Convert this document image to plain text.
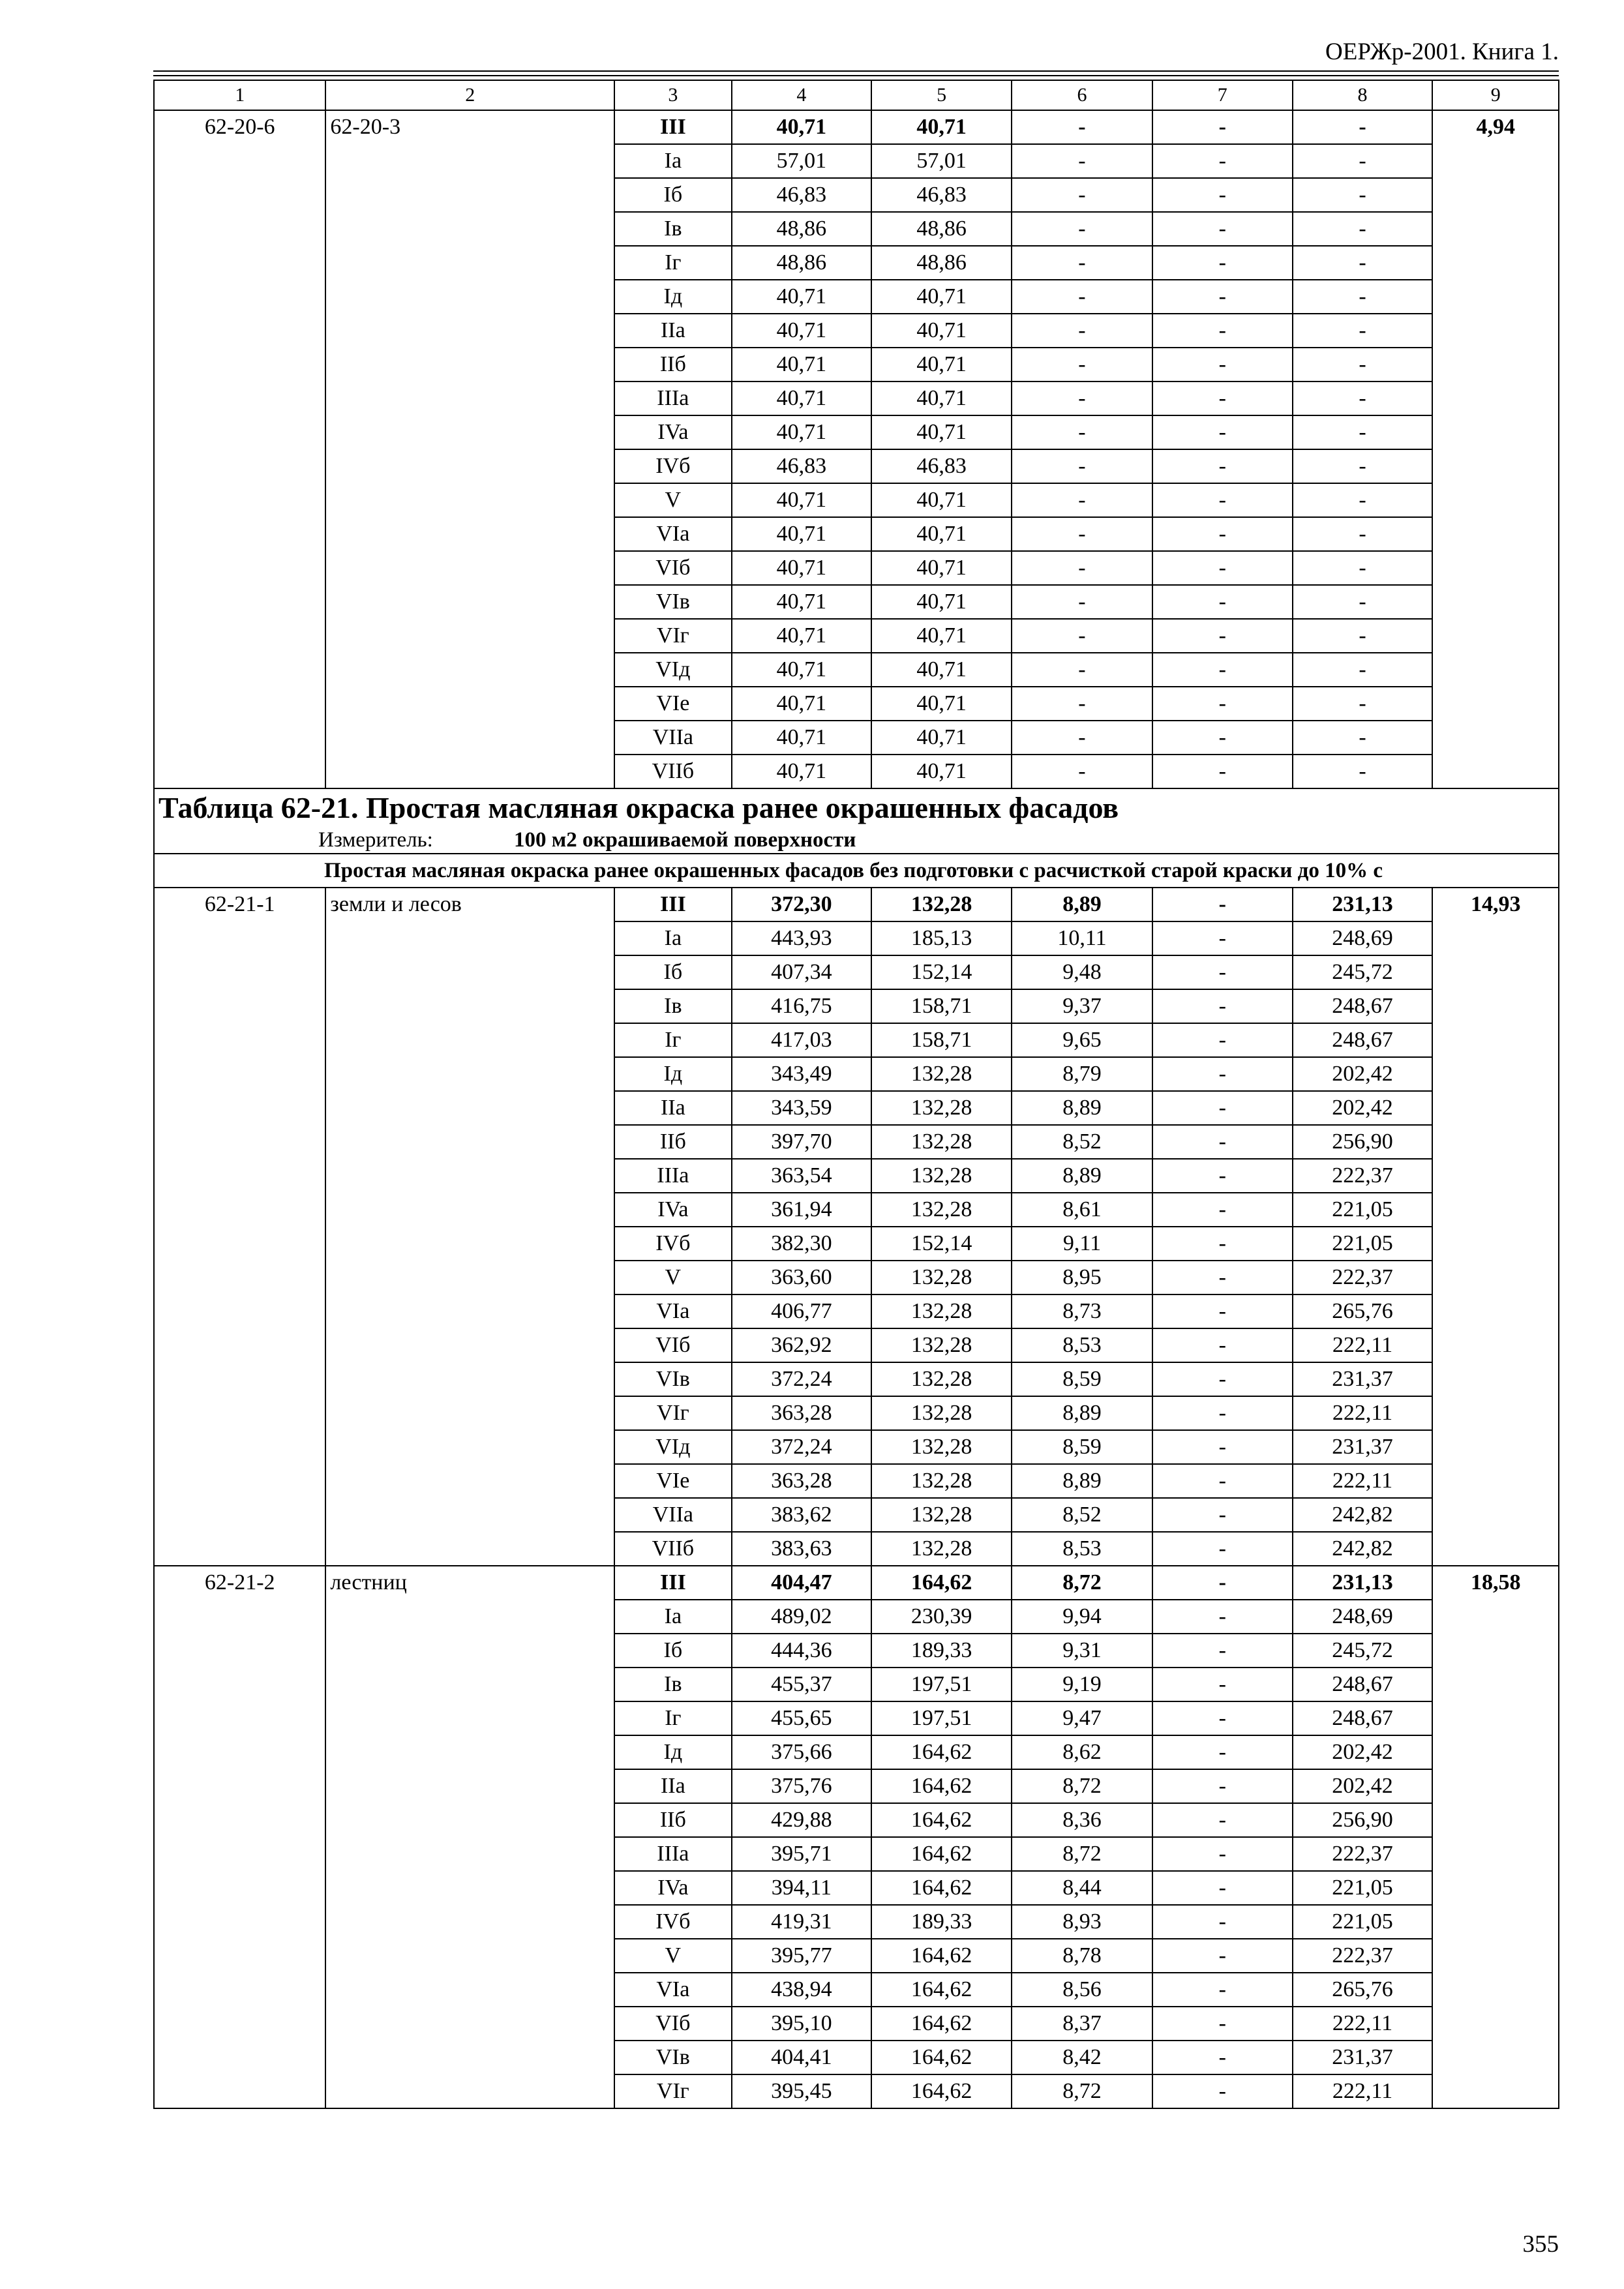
ОЕРЖр-2001. Книга 1.
1	2	3	4	5	6	7	8	9
62-20-6	62-20-3	III	40,71	40,71	-	-	-	4,94
		Ia	57,01	57,01	-	-	-	
		Iб	46,83	46,83	-	-	-	
		Iв	48,86	48,86	-	-	-	
		Iг	48,86	48,86	-	-	-	
		Iд	40,71	40,71	-	-	-	
		IIa	40,71	40,71	-	-	-	
		IIб	40,71	40,71	-	-	-	
		IIIa	40,71	40,71	-	-	-	
		IVa	40,71	40,71	-	-	-	
		IVб	46,83	46,83	-	-	-	
		V	40,71	40,71	-	-	-	
		VIa	40,71	40,71	-	-	-	
		VIб	40,71	40,71	-	-	-	
		VIв	40,71	40,71	-	-	-	
		VIг	40,71	40,71	-	-	-	
		VIд	40,71	40,71	-	-	-	
		VIe	40,71	40,71	-	-	-	
		VIIa	40,71	40,71	-	-	-	
		VIIб	40,71	40,71	-	-	-	
Таблица 62-21. Простая масляная окраска ранее окрашенных фасадов								
Измеритель: 100 м2 окрашиваемой поверхности								
Простая масляная окраска ранее окрашенных фасадов без подготовки с расчисткой старой краски до 10% с								
62-21-1	земли и лесов	III	372,30	132,28	8,89	-	231,13	14,93
		Ia	443,93	185,13	10,11	-	248,69	
		Iб	407,34	152,14	9,48	-	245,72	
		Iв	416,75	158,71	9,37	-	248,67	
		Iг	417,03	158,71	9,65	-	248,67	
		Iд	343,49	132,28	8,79	-	202,42	
		IIa	343,59	132,28	8,89	-	202,42	
		IIб	397,70	132,28	8,52	-	256,90	
		IIIa	363,54	132,28	8,89	-	222,37	
		IVa	361,94	132,28	8,61	-	221,05	
		IVб	382,30	152,14	9,11	-	221,05	
		V	363,60	132,28	8,95	-	222,37	
		VIa	406,77	132,28	8,73	-	265,76	
		VIб	362,92	132,28	8,53	-	222,11	
		VIв	372,24	132,28	8,59	-	231,37	
		VIг	363,28	132,28	8,89	-	222,11	
		VIд	372,24	132,28	8,59	-	231,37	
		VIe	363,28	132,28	8,89	-	222,11	
		VIIa	383,62	132,28	8,52	-	242,82	
		VIIб	383,63	132,28	8,53	-	242,82	
62-21-2	лестниц	III	404,47	164,62	8,72	-	231,13	18,58
		Ia	489,02	230,39	9,94	-	248,69	
		Iб	444,36	189,33	9,31	-	245,72	
		Iв	455,37	197,51	9,19	-	248,67	
		Iг	455,65	197,51	9,47	-	248,67	
		Iд	375,66	164,62	8,62	-	202,42	
		IIa	375,76	164,62	8,72	-	202,42	
		IIб	429,88	164,62	8,36	-	256,90	
		IIIa	395,71	164,62	8,72	-	222,37	
		IVa	394,11	164,62	8,44	-	221,05	
		IVб	419,31	189,33	8,93	-	221,05	
		V	395,77	164,62	8,78	-	222,37	
		VIa	438,94	164,62	8,56	-	265,76	
		VIб	395,10	164,62	8,37	-	222,11	
		VIв	404,41	164,62	8,42	-	231,37	
		VIг	395,45	164,62	8,72	-	222,11	
355
